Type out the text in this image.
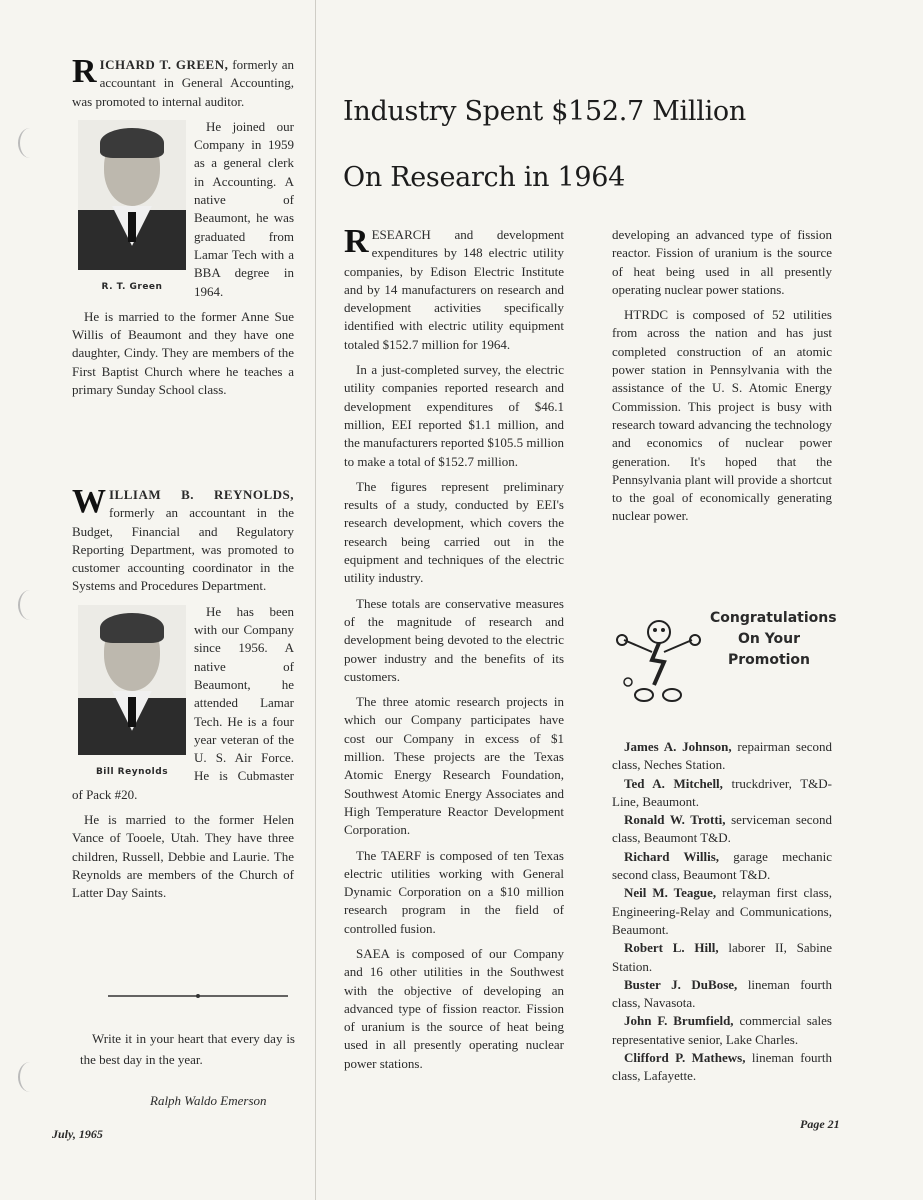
RICHARD T. GREEN, formerly an accountant in General Accounting, was promoted to internal auditor.

R. T. Green

He joined our Company in 1959 as a general clerk in Accounting. A native of Beaumont, he was graduated from Lamar Tech with a BBA degree in 1964.

He is married to the former Anne Sue Willis of Beaumont and they have one daughter, Cindy. They are members of the First Baptist Church where he teaches a primary Sunday School class.

WILLIAM B. REYNOLDS, formerly an accountant in the Budget, Financial and Regulatory Reporting Department, was promoted to customer accounting coordinator in the Systems and Procedures Department.

Bill Reynolds

He has been with our Company since 1956. A native of Beaumont, he attended Lamar Tech. He is a four year veteran of the U. S. Air Force. He is Cubmaster of Pack #20.

He is married to the former Helen Vance of Tooele, Utah. They have three children, Russell, Debbie and Laurie. The Reynolds are members of the Church of Latter Day Saints.

Write it in your heart that every day is the best day in the year.
Ralph Waldo Emerson
Industry Spent $152.7 Million
On Research in 1964

RESEARCH and development expenditures by 148 electric utility companies, by Edison Electric Institute and by 14 manufacturers on research and development activities specifically identified with electric utility equipment totaled $152.7 million for 1964.

In a just-completed survey, the electric utility companies reported research and development expenditures of $46.1 million, EEI reported $1.1 million, and the manufacturers reported $105.5 million to make a total of $152.7 million.

The figures represent preliminary results of a study, conducted by EEI's research development, which covers the research being carried out in the equipment and techniques of the electric utility industry.

These totals are conservative measures of the magnitude of research and development being devoted to the electric power industry and the benefits of its customers.

The three atomic research projects in which our Company participates have cost our Company in excess of $1 million. These projects are the Texas Atomic Energy Research Foundation, Southwest Atomic Energy Associates and High Temperature Reactor Development Corporation.

The TAERF is composed of ten Texas electric utilities working with General Dynamic Corporation on a $10 million research program in the field of controlled fusion.

SAEA is composed of our Company and 16 other utilities in the Southwest with the objective of developing an advanced type of fission reactor. Fission of uranium is the source of heat being used in all presently operating nuclear power stations.

developing an advanced type of fission reactor. Fission of uranium is the source of heat being used in all presently operating nuclear power stations.

HTRDC is composed of 52 utilities from across the nation and has just completed construction of an atomic power station in Pennsylvania with the assistance of the U. S. Atomic Energy Commission. This project is busy with research toward advancing the technology and economics of nuclear power generation. It's hoped that the Pennsylvania plant will provide a shortcut to the goal of economically generating nuclear power.

Congratulations
On Your
Promotion

James A. Johnson, repairman second class, Neches Station.

Ted A. Mitchell, truckdriver, T&D-Line, Beaumont.

Ronald W. Trotti, serviceman second class, Beaumont T&D.

Richard Willis, garage mechanic second class, Beaumont T&D.

Neil M. Teague, relayman first class, Engineering-Relay and Communications, Beaumont.

Robert L. Hill, laborer II, Sabine Station.

Buster J. DuBose, lineman fourth class, Navasota.

John F. Brumfield, commercial sales representative senior, Lake Charles.

Clifford P. Mathews, lineman fourth class, Lafayette.

July, 1965
Page 21
